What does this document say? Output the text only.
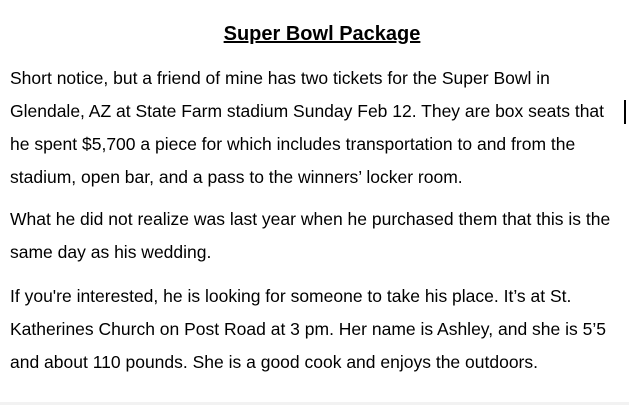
Super Bowl Package

Short notice, but a friend of mine has two tickets for the Super Bowl in
Glendale, AZ at State Farm stadium Sunday Feb 12. They are box seats that
he spent $5,700 a piece for which includes transportation to and from the
stadium, open bar, and a pass to the winners’ locker room.

What he did not realize was last year when he purchased them that this is the
same day as his wedding.

If you're interested, he is looking for someone to take his place. It’s at St.
Katherines Church on Post Road at 3 pm. Her name is Ashley, and she is 5’5
and about 110 pounds. She is a good cook and enjoys the outdoors.
